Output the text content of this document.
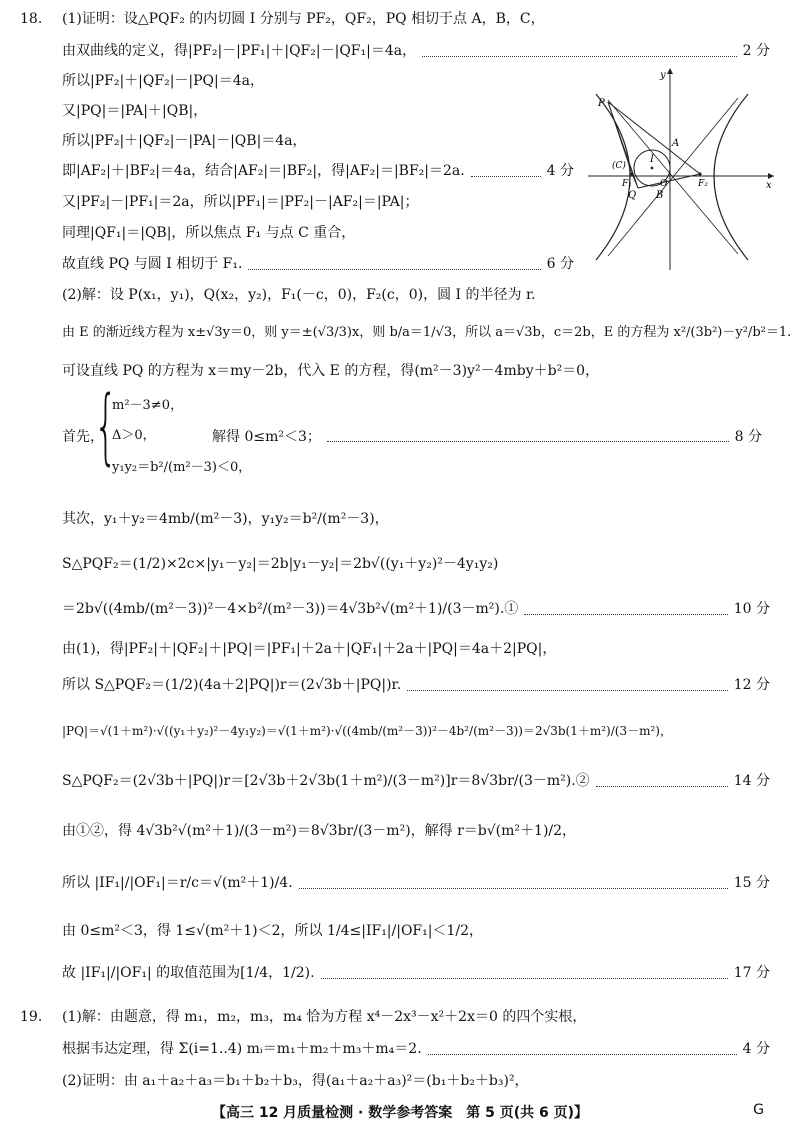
18. (1)证明：设△PQF₂ 的内切圆 I 分别与 PF₂，QF₂，PQ 相切于点 A，B，C，
由双曲线的定义，得|PF₂|－|PF₁|＋|QF₂|－|QF₁|＝4a，	2 分
所以|PF₂|＋|QF₂|－|PQ|＝4a，
又|PQ|＝|PA|＋|QB|，
所以|PF₂|＋|QF₂|－|PA|－|QB|＝4a，
即|AF₂|＋|BF₂|＝4a，结合|AF₂|＝|BF₂|，得|AF₂|＝|BF₂|＝2a.	4 分
又|PF₂|－|PF₁|＝2a，所以|PF₁|＝|PF₂|－|AF₂|＝|PA|；
同理|QF₁|＝|QB|，所以焦点 F₁ 与点 C 重合，
故直线 PQ 与圆 I 相切于 F₁.	6 分
(2)解：设 P(x₁，y₁)，Q(x₂，y₂)，F₁(－c，0)，F₂(c，0)，圆 I 的半径为 r.
由 E 的渐近线方程为 x±√3y＝0，则 y＝±(√3/3)x，则 b/a＝1/√3，所以 a＝√3b，c＝2b，E 的方程为 x²/(3b²)－y²/b²＝1.
可设直线 PQ 的方程为 x＝my－2b，代入 E 的方程，得(m²－3)y²－4mby＋b²＝0，
首先，
{
m²－3≠0，
Δ＞0，
y₁y₂＝b²/(m²－3)＜0，
解得 0≤m²＜3；	8 分
其次，y₁＋y₂＝4mb/(m²－3)，y₁y₂＝b²/(m²－3)，
S△PQF₂＝(1/2)×2c×|y₁－y₂|＝2b|y₁－y₂|＝2b√((y₁＋y₂)²－4y₁y₂)
＝2b√((4mb/(m²－3))²－4×b²/(m²－3))＝4√3b²√(m²＋1)/(3－m²).①	10 分
由(1)，得|PF₂|＋|QF₂|＋|PQ|＝|PF₁|＋2a＋|QF₁|＋2a＋|PQ|＝4a＋2|PQ|，
所以 S△PQF₂＝(1/2)(4a＋2|PQ|)r＝(2√3b＋|PQ|)r.	12 分
|PQ|＝√(1＋m²)·√((y₁＋y₂)²－4y₁y₂)＝√(1＋m²)·√((4mb/(m²－3))²－4b²/(m²－3))＝2√3b(1＋m²)/(3－m²)，
S△PQF₂＝(2√3b＋|PQ|)r＝[2√3b＋2√3b(1＋m²)/(3－m²)]r＝8√3br/(3－m²).②	14 分
由①②，得 4√3b²√(m²＋1)/(3－m²)＝8√3br/(3－m²)，解得 r＝b√(m²＋1)/2，
所以 |IF₁|/|OF₁|＝r/c＝√(m²＋1)/4.	15 分
由 0≤m²＜3，得 1≤√(m²＋1)＜2，所以 1/4≤|IF₁|/|OF₁|＜1/2，
故 |IF₁|/|OF₁| 的取值范围为[1/4，1/2).	17 分
19. (1)解：由题意，得 m₁，m₂，m₃，m₄ 恰为方程 x⁴－2x³－x²＋2x＝0 的四个实根，
根据韦达定理，得 Σ(i=1..4) mᵢ＝m₁＋m₂＋m₃＋m₄＝2.	4 分
(2)证明：由 a₁＋a₂＋a₃＝b₁＋b₂＋b₃，得(a₁＋a₂＋a₃)²＝(b₁＋b₂＋b₃)²，
P
Q
A
B
I
(C)
F₁	F₂
O	x
y
【高三 12 月质量检测 · 数学参考答案　第 5 页(共 6 页)】	G
